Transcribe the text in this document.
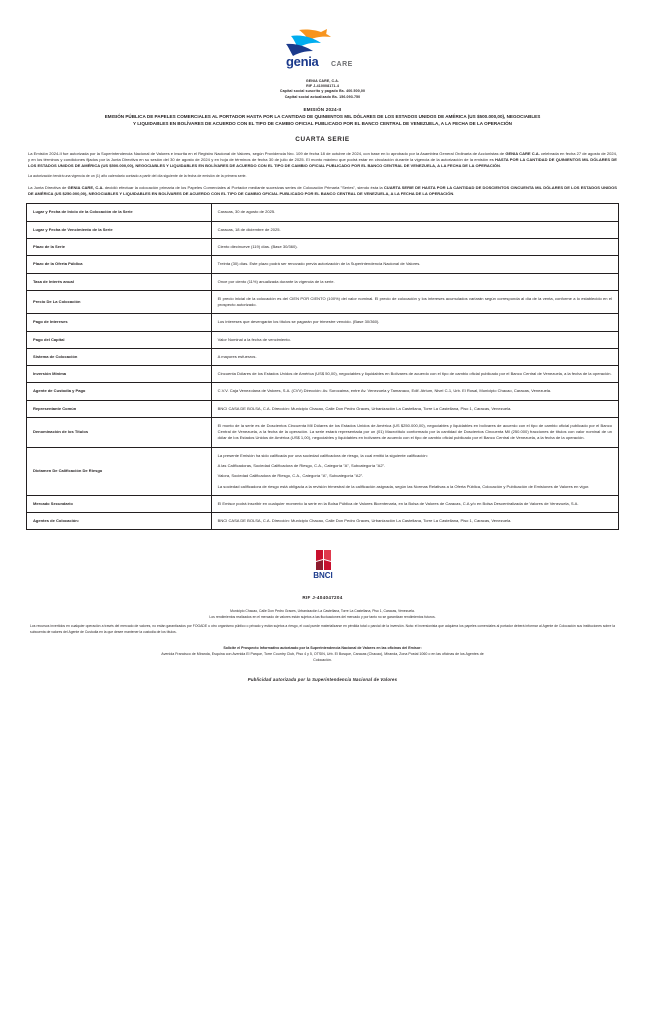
genia CARE
GENIA CARE, C.A.
RIF J-410008171-4
Capital social suscrito y pagado Bs. 400.500,00
Capital social actualizado Bs. 156.093.750
EMISIÓN 2024-II
EMISIÓN PÚBLICA DE PAPELES COMERCIALES AL PORTADOR HASTA POR LA CANTIDAD DE QUINIENTOS MIL DÓLARES DE LOS ESTADOS UNIDOS DE AMÉRICA (US $500.000,00), NEGOCIABLES
Y LIQUIDABLES EN BOLÍVARES DE ACUERDO CON EL TIPO DE CAMBIO OFICIAL PUBLICADO POR EL BANCO CENTRAL DE VENEZUELA, A LA FECHA DE LA OPERACIÓN
CUARTA SERIE

La Emisión 2024-II fue autorizada por la Superintendencia Nacional de Valores e inscrita en el Registro Nacional de Valores, según Providencia Nro. 109 de fecha 18 de octubre de 2024, con base en lo aprobado por la Asamblea General Ordinaria de Accionistas de GENIA CARE C.A. celebrada en fecha 27 de agosto de 2024, y en los términos y condiciones fijados por la Junta Directiva en su sesión del 30 de agosto de 2024 y en hoja de términos de fecha 30 de julio de 2025. El monto máximo que podrá estar en circulación durante la vigencia de la autorización de la emisión es HASTA POR LA CANTIDAD DE QUINIENTOS MIL DÓLARES DE LOS ESTADOS UNIDOS DE AMÉRICA (US $500.000,00), NEGOCIABLES Y LIQUIDABLES EN BOLÍVARES DE ACUERDO CON EL TIPO DE CAMBIO OFICIAL PUBLICADO POR EL BANCO CENTRAL DE VENEZUELA, A LA FECHA DE LA OPERACIÓN.

La autorización tendrá una vigencia de un (1) año calendario contado a partir del día siguiente de la fecha de emisión de la primera serie.

La Junta Directiva de GENIA CARE, C.A. decidió efectuar la colocación primaria de los Papeles Comerciales al Portador mediante sucesivas series de Colocación Primaria "Series", siendo ésta la CUARTA SERIE DE HASTA POR LA CANTIDAD DE DOSCIENTOS CINCUENTA MIL DÓLARES DE LOS ESTADOS UNIDOS DE AMÉRICA (US $250.000,00), NEGOCIABLES Y LIQUIDABLES EN BOLÍVARES DE ACUERDO CON EL TIPO DE CAMBIO OFICIAL PUBLICADO POR EL BANCO CENTRAL DE VENEZUELA, A LA FECHA DE LA OPERACIÓN.

Lugar y Fecha de Inicio de la Colocación de la Serie	Caracas, 30 de agosto de 2025.

Lugar y Fecha de Vencimiento de la Serie	Caracas, 18 de diciembre de 2025.

Plazo de la Serie	Ciento diecinueve (119) días. (Base 30/360).

Plazo de la Oferta Pública	Treinta (30) días. Este plazo podrá ser renovado previa autorización de la Superintendencia Nacional de Valores.

Tasa de Interés anual	Once por ciento (11%) anualizada durante la vigencia de la serie.

Precio De La Colocación	El precio inicial de la colocación es del CIEN POR CIENTO (100%) del valor nominal. El precio de colocación y los intereses acumulados variarán según corresponda al día de la venta, conforme a lo establecido en el prospecto autorizado.

Pago de Intereses	Los intereses que devengarán los títulos se pagarán por trimestre vencido. (Base 30/360).

Pago del Capital	Valor Nominal a la fecha de vencimiento.

Sistema de Colocación	A mayores esfuerzos.

Inversión Mínima	Cincuenta Dólares de los Estados Unidos de América (US$ 50,00), negociables y liquidables en Bolívares de acuerdo con el tipo de cambio oficial publicado por el Banco Central de Venezuela, a la fecha de la operación.

Agente de Custodia y Pago	C.V.V. Caja Venezolana de Valores, S.A. (CVV) Dirección: Av. Sorocaima, entre Av. Venezuela y Tamanaco, Edif. Atrium, Nivel C-1, Urb. El Rosal, Municipio Chacao, Caracas, Venezuela.

Representante Común	BNCI CASA DE BOLSA, C.A. Dirección: Municipio Chacao, Calle Don Pedro Graces, Urbanización La Castellana, Torre La Castellana, Piso 1, Caracas, Venezuela.

Denominación de los Títulos	El monto de la serie es de Doscientos Cincuenta Mil Dólares de los Estados Unidos de América (US $250.000,00), negociables y liquidables en bolívares de acuerdo con el tipo de cambio oficial publicado por el Banco Central de Venezuela, a la fecha de la operación. La serie estará representada por un (01) Macrotítulo conformado por la cantidad de Doscientos Cincuenta Mil (250.000) fracciones de títulos con valor nominal de un dólar de los Estados Unidos de América (US$ 1,00), negociables y liquidables en bolívares de acuerdo con el tipo de cambio oficial publicado por el Banco Central de Venezuela, a la fecha de la operación.

Dictamen De Calificación De Riesgo	La presente Emisión ha sido calificada por una sociedad calificadora de riesgo, la cual emitió la siguiente calificación:

A las Calificadoras, Sociedad Calificadora de Riesgo, C.A., Categoría "A", Subcategoría "A2".

Valora, Sociedad Calificadora de Riesgo, C.A., Categoría "A", Subcategoría "A2".

La sociedad calificadora de riesgo está obligada a la revisión trimestral de la calificación asignada, según las Normas Relativas a la Oferta Pública, Colocación y Publicación de Emisiones de Valores en vigor.

Mercado Secundario	El Emisor podrá inscribir en cualquier momento la serie en la Bolsa Pública de Valores Bicentenaria, en la Bolsa de Valores de Caracas, C.A y/o en Bolsa Descentralizada de Valores de Venezuela, S.A.

Agentes de Colocación:	BNCI CASA DE BOLSA, C.A. Dirección: Municipio Chacao, Calle Don Pedro Graces, Urbanización La Castellana, Torre La Castellana, Piso 1, Caracas, Venezuela.

BNCI
RIF J-404047204
Municipio Chacao, Calle Don Pedro Graces, Urbanización La Castellana, Torre La Castellana, Piso 1, Caracas, Venezuela.
Los rendimientos realizados en el mercado de valores están sujetos a las fluctuaciones del mercado y por tanto no se garantizan rendimientos futuros.
Los recursos invertidos en cualquier operación a través del mercado de valores, no están garantizados por FOGADE u otro organismo público o privado y están sujetos a riesgo, el cual puede materializarse en pérdida total o parcial de la inversión. Nota: el inversionista que adquiera los papeles comerciales al portador deberá informar al Agente de Colocación sus instituciones sobre la subcuenta de valores del Agente de Custodia en la que desee mantener la custodia de los títulos.
Solicite el Prospecto Informativo autorizado por la Superintendencia Nacional de Valores en las oficinas del Emisor:
Avenida Francisco de Miranda, Esquina con Avenida El Parque, Torre Country Club, Piso 4 y 5, OTSIN, Urb. El Bosque, Caracas (Chacao), Miranda, Zona Postal 1060 o en las oficinas de los Agentes de
Colocación.
Publicidad autorizada por la Superintendencia Nacional de Valores
